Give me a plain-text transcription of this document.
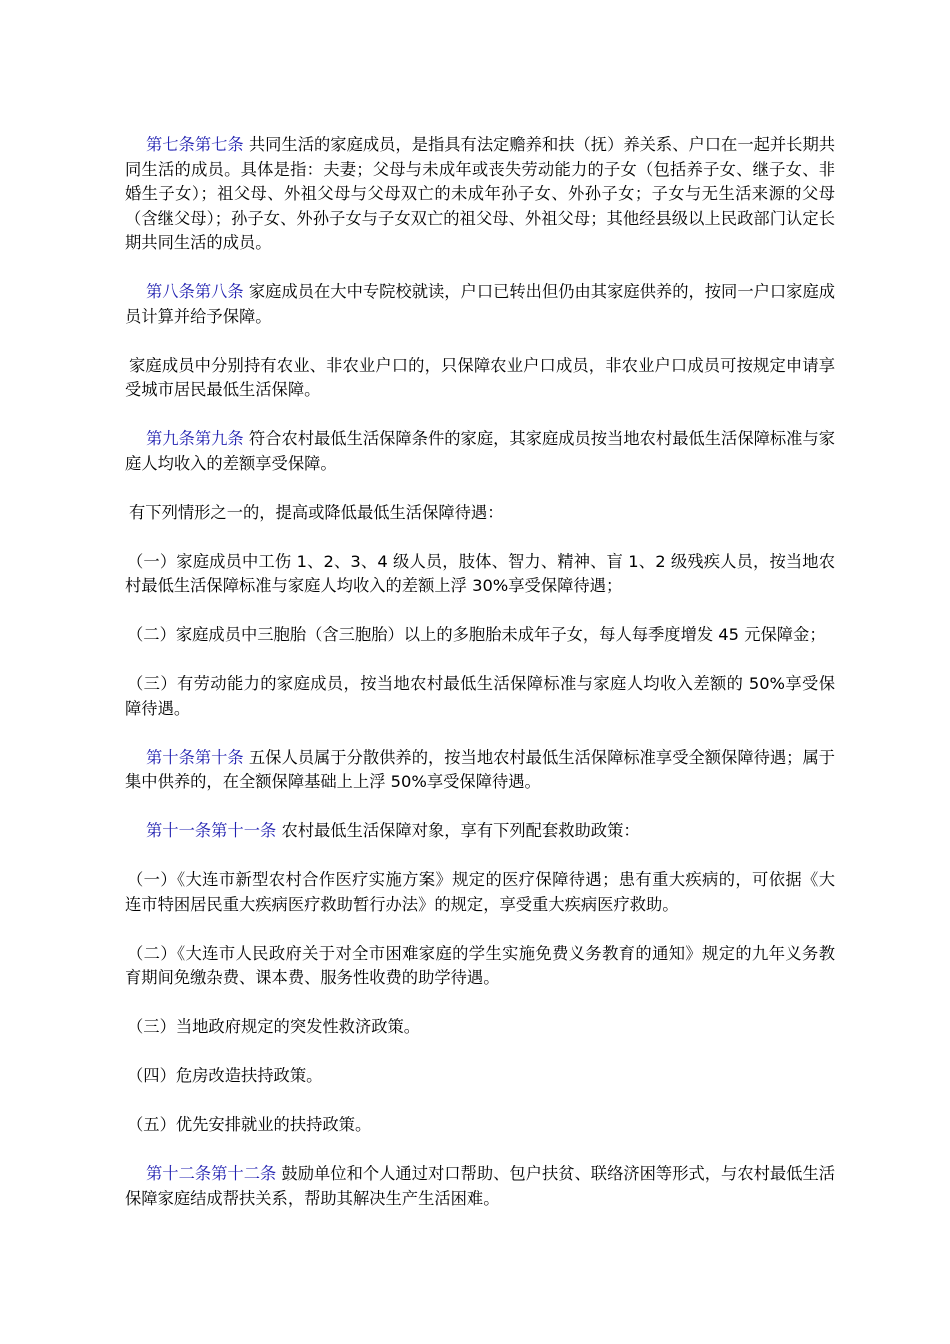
第七条第七条 共同生活的家庭成员，是指具有法定赡养和扶（抚）养关系、户口在一起并长期共同生活的成员。具体是指：夫妻；父母与未成年或丧失劳动能力的子女（包括养子女、继子女、非婚生子女）；祖父母、外祖父母与父母双亡的未成年孙子女、外孙子女；子女与无生活来源的父母（含继父母）；孙子女、外孙子女与子女双亡的祖父母、外祖父母；其他经县级以上民政部门认定长期共同生活的成员。

第八条第八条 家庭成员在大中专院校就读，户口已转出但仍由其家庭供养的，按同一户口家庭成员计算并给予保障。

家庭成员中分别持有农业、非农业户口的，只保障农业户口成员，非农业户口成员可按规定申请享受城市居民最低生活保障。

第九条第九条 符合农村最低生活保障条件的家庭，其家庭成员按当地农村最低生活保障标准与家庭人均收入的差额享受保障。

有下列情形之一的，提高或降低最低生活保障待遇：

（一）家庭成员中工伤 1、2、3、4 级人员，肢体、智力、精神、盲 1、2 级残疾人员，按当地农村最低生活保障标准与家庭人均收入的差额上浮 30%享受保障待遇；

（二）家庭成员中三胞胎（含三胞胎）以上的多胞胎未成年子女，每人每季度增发 45 元保障金；

（三）有劳动能力的家庭成员，按当地农村最低生活保障标准与家庭人均收入差额的 50%享受保障待遇。

第十条第十条 五保人员属于分散供养的，按当地农村最低生活保障标准享受全额保障待遇；属于集中供养的，在全额保障基础上上浮 50%享受保障待遇。

第十一条第十一条 农村最低生活保障对象，享有下列配套救助政策：

（一）《大连市新型农村合作医疗实施方案》规定的医疗保障待遇；患有重大疾病的，可依据《大连市特困居民重大疾病医疗救助暂行办法》的规定，享受重大疾病医疗救助。

（二）《大连市人民政府关于对全市困难家庭的学生实施免费义务教育的通知》规定的九年义务教育期间免缴杂费、课本费、服务性收费的助学待遇。

（三）当地政府规定的突发性救济政策。

（四）危房改造扶持政策。

（五）优先安排就业的扶持政策。

第十二条第十二条 鼓励单位和个人通过对口帮助、包户扶贫、联络济困等形式，与农村最低生活保障家庭结成帮扶关系，帮助其解决生产生活困难。
